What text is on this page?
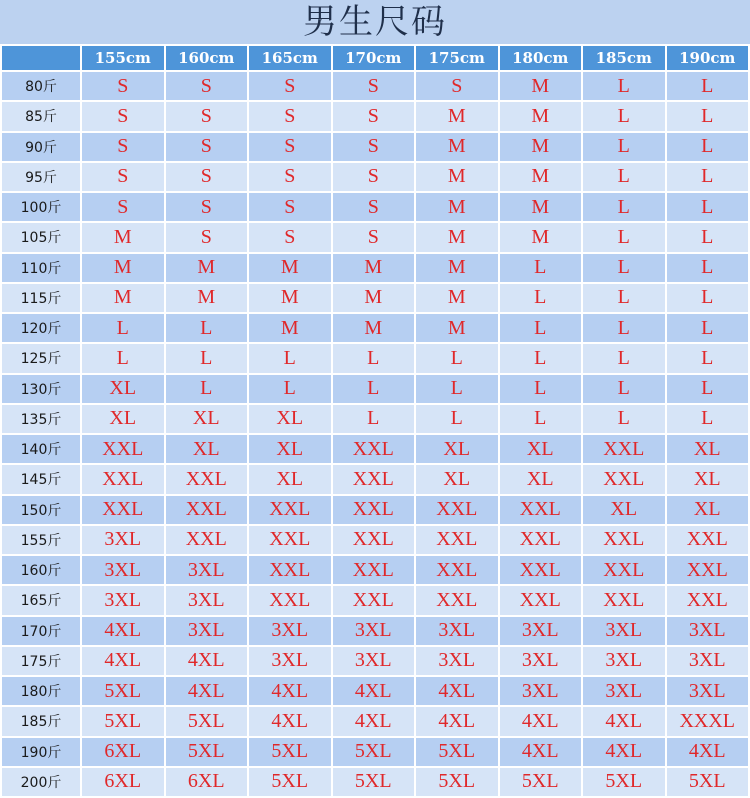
男生尺码
	155cm	160cm	165cm	170cm	175cm	180cm	185cm	190cm
80斤	S	S	S	S	S	M	L	L
85斤	S	S	S	S	M	M	L	L
90斤	S	S	S	S	M	M	L	L
95斤	S	S	S	S	M	M	L	L
100斤	S	S	S	S	M	M	L	L
105斤	M	S	S	S	M	M	L	L
110斤	M	M	M	M	M	L	L	L
115斤	M	M	M	M	M	L	L	L
120斤	L	L	M	M	M	L	L	L
125斤	L	L	L	L	L	L	L	L
130斤	XL	L	L	L	L	L	L	L
135斤	XL	XL	XL	L	L	L	L	L
140斤	XXL	XL	XL	XXL	XL	XL	XXL	XL
145斤	XXL	XXL	XL	XXL	XL	XL	XXL	XL
150斤	XXL	XXL	XXL	XXL	XXL	XXL	XL	XL
155斤	3XL	XXL	XXL	XXL	XXL	XXL	XXL	XXL
160斤	3XL	3XL	XXL	XXL	XXL	XXL	XXL	XXL
165斤	3XL	3XL	XXL	XXL	XXL	XXL	XXL	XXL
170斤	4XL	3XL	3XL	3XL	3XL	3XL	3XL	3XL
175斤	4XL	4XL	3XL	3XL	3XL	3XL	3XL	3XL
180斤	5XL	4XL	4XL	4XL	4XL	3XL	3XL	3XL
185斤	5XL	5XL	4XL	4XL	4XL	4XL	4XL	XXXL
190斤	6XL	5XL	5XL	5XL	5XL	4XL	4XL	4XL
200斤	6XL	6XL	5XL	5XL	5XL	5XL	5XL	5XL
